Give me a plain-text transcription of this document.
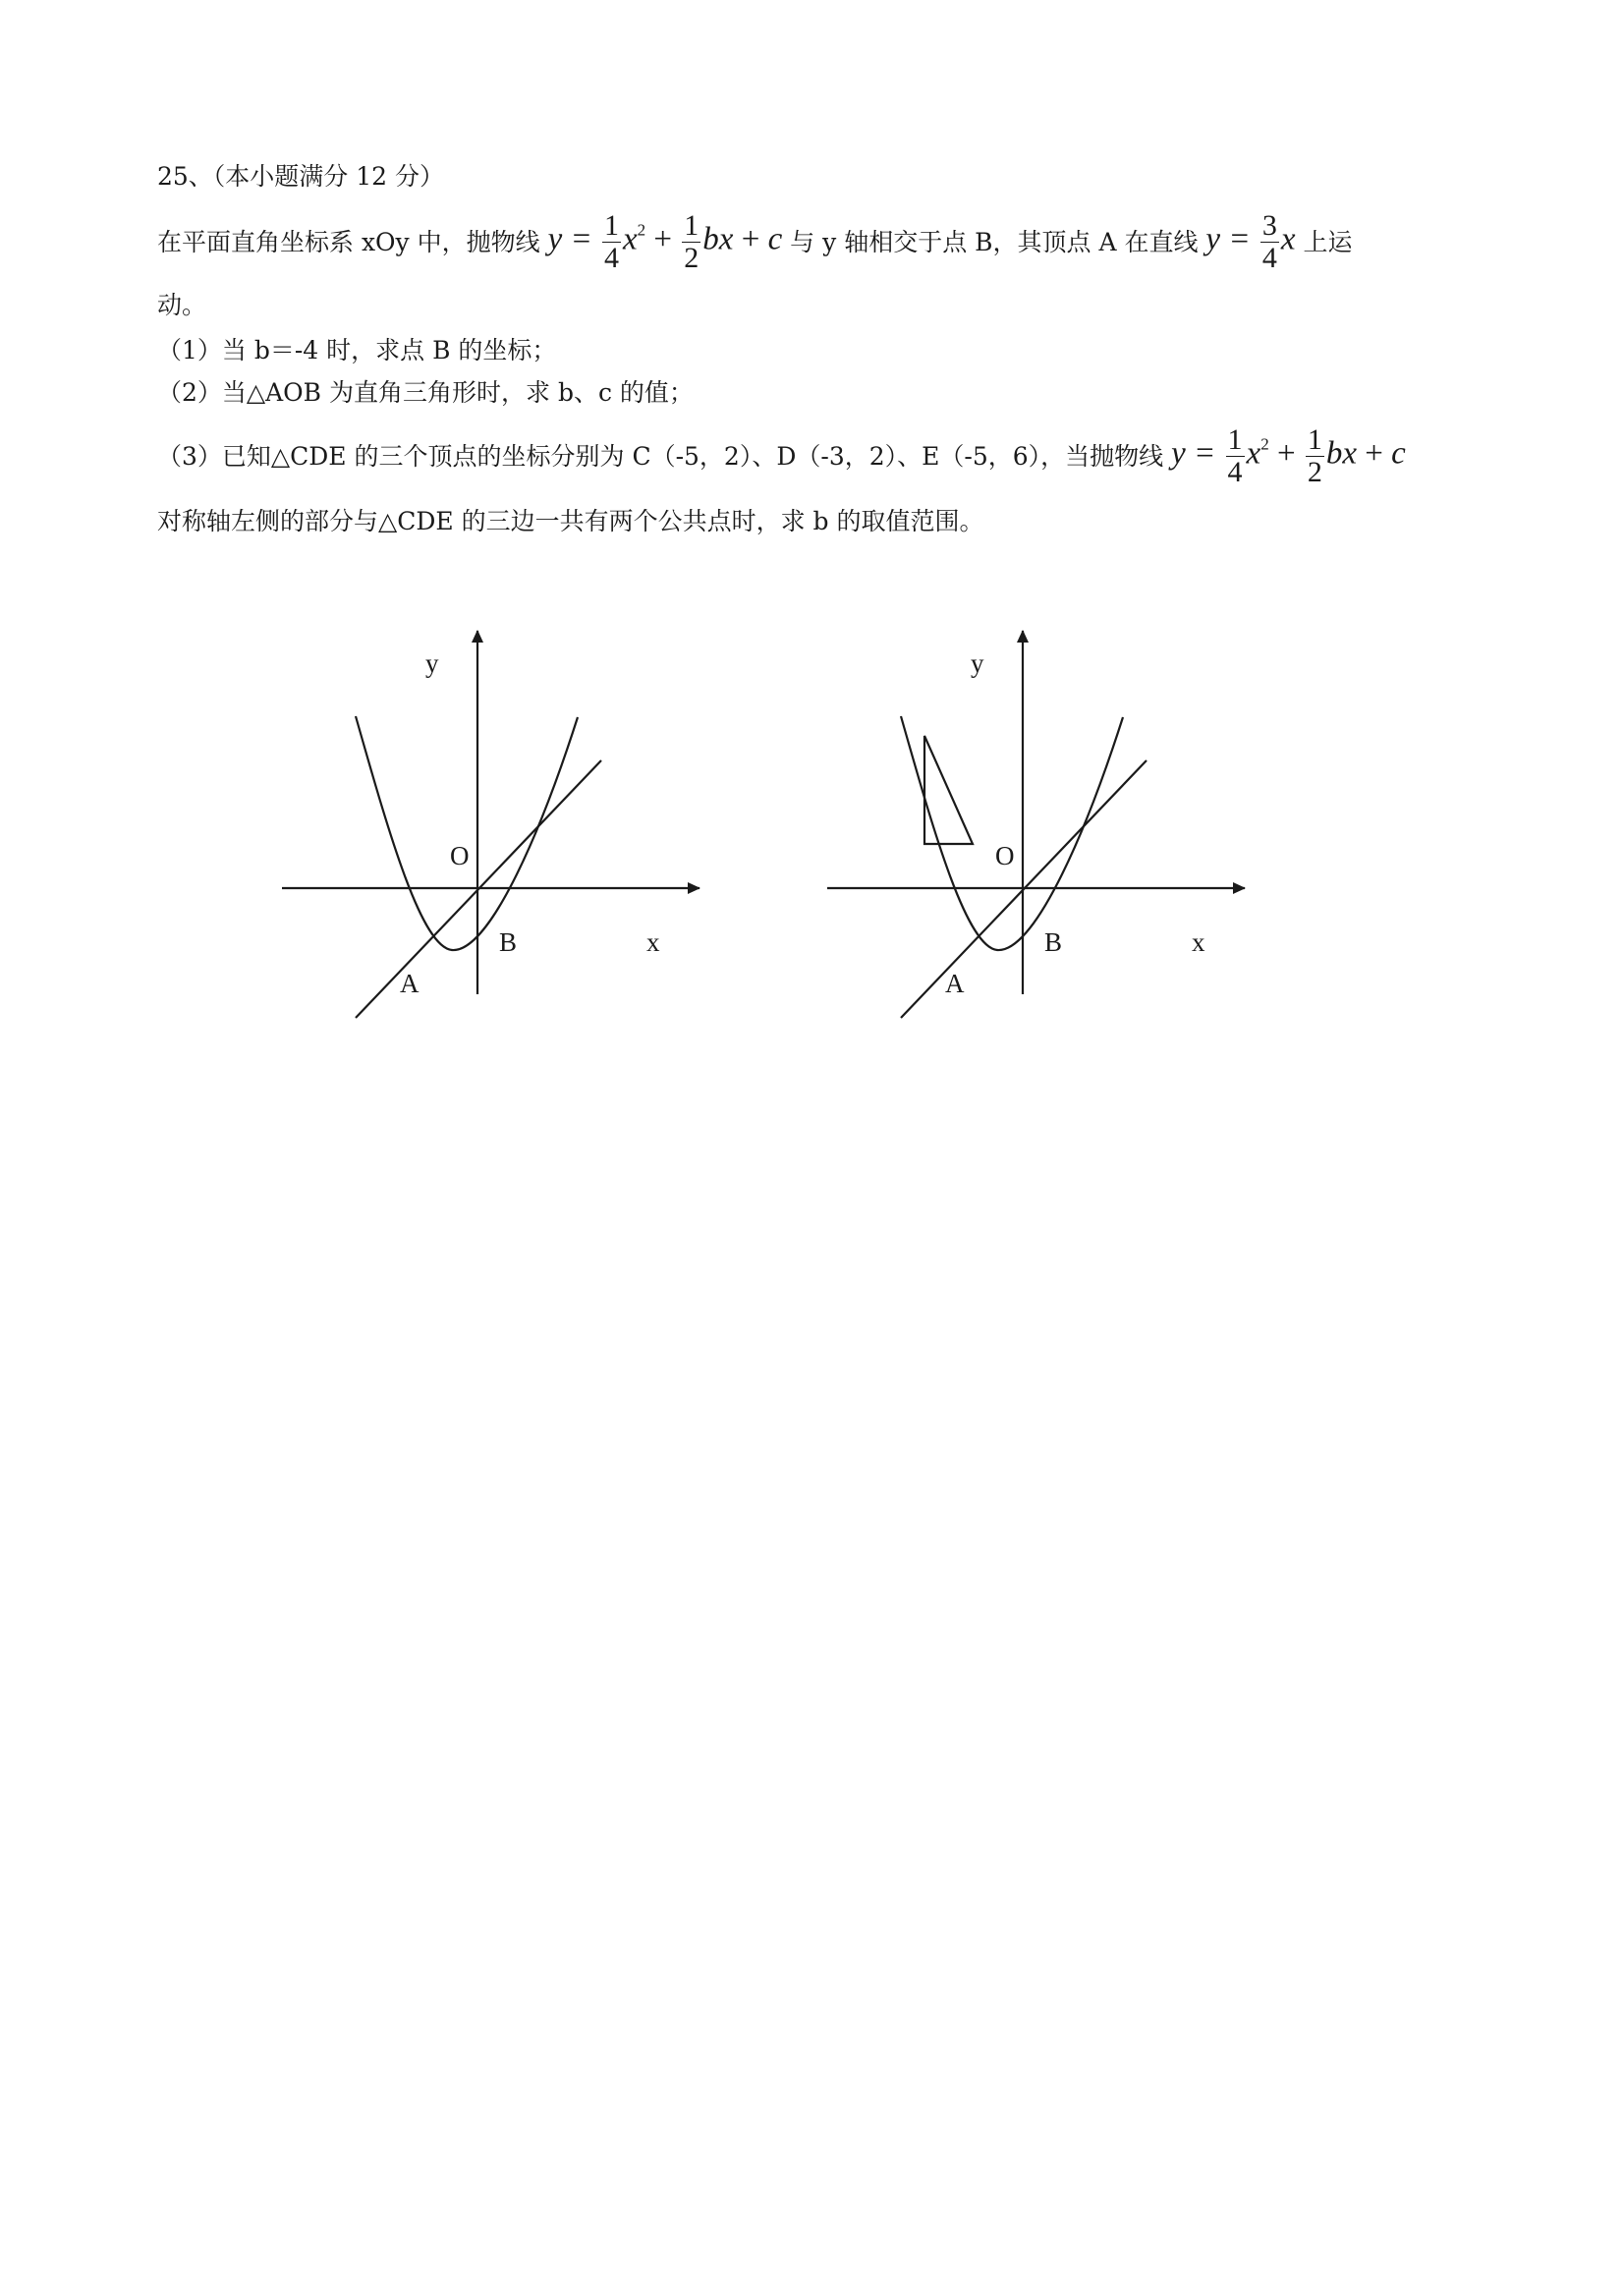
25、（本小题满分 12 分）
在平面直角坐标系 xOy 中，抛物线 $y = \frac{1}{4} x^2 + \frac{1}{2}$ bx + c 与 y 轴相交于点 B，其顶点 A 在直线 $y = \frac{3}{4}$ x 上运
动。
（1）当 b＝-4 时，求点 B 的坐标；
（2）当△AOB 为直角三角形时，求 b、c 的值；
（3）已知△CDE 的三个顶点的坐标分别为 C（-5，2）、D（-3，2）、E（-5，6），当抛物线 $y = \frac{1}{4} x^2 + \frac{1}{2}$ bx + c
对称轴左侧的部分与△CDE 的三边一共有两个公共点时，求 b 的取值范围。
y
O
B	x
A
y
O
B	x
A
